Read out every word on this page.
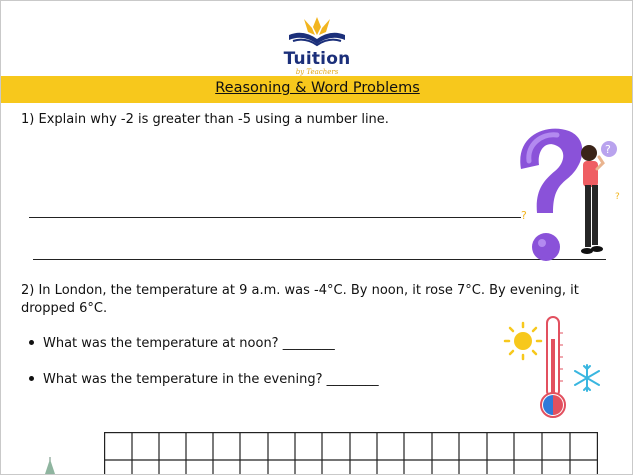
Tuition
by Teachers
Reasoning & Word Problems
1) Explain why -2 is greater than -5 using a number line.
?
?
?
2) In London, the temperature at 9 a.m. was -4°C. By noon, it rose 7°C. By evening, it dropped 6°C.
What was the temperature at noon? ________
What was the temperature in the evening? ________
